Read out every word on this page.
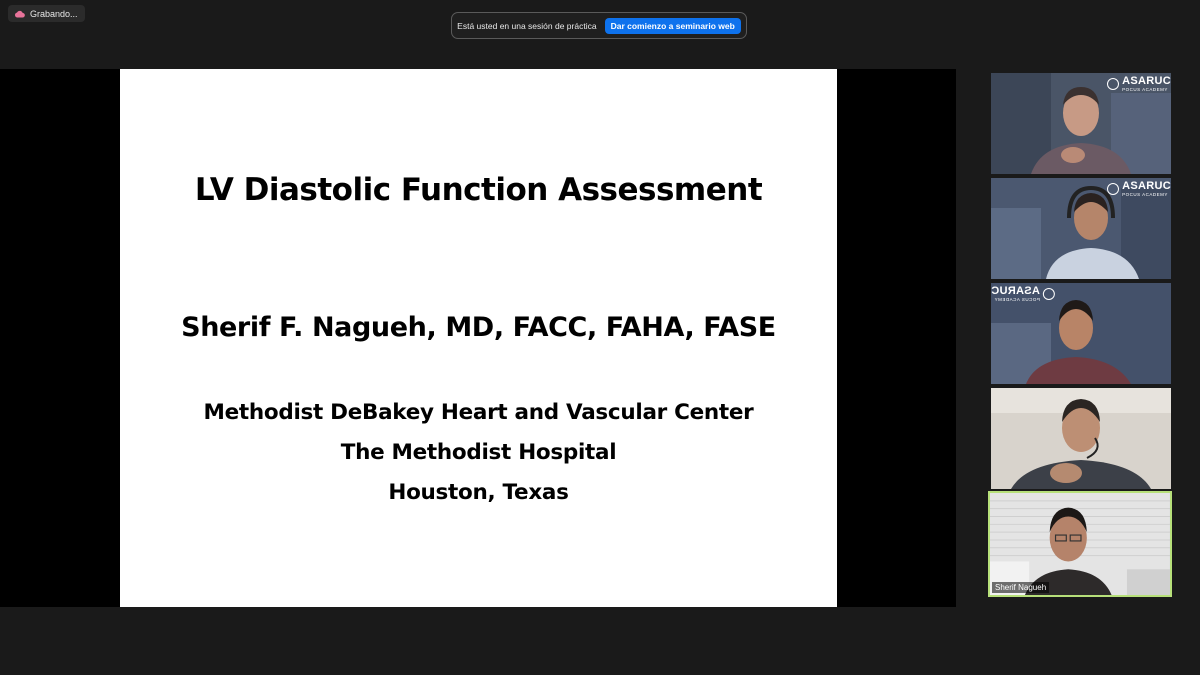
Grabando...
Está usted en una sesión de práctica	Dar comienzo a seminario web
LV Diastolic Function Assessment
Sherif F. Nagueh, MD, FACC, FAHA, FASE
Methodist DeBakey Heart and Vascular Center
The Methodist Hospital
Houston, Texas
ASARUC
POCUS ACADEMY
ASARUC
POCUS ACADEMY
ASARUC
POCUS ACADEMY
Sherif Nagueh
